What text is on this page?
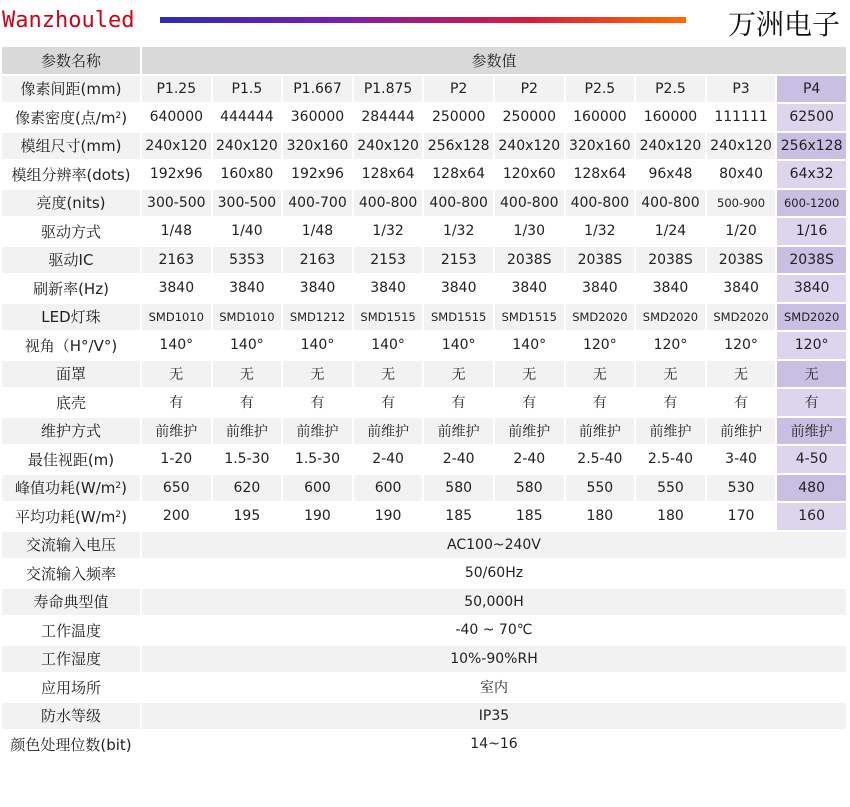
Wanzhouled	万洲电子
参数名称	参数值									
像素间距(mm)	P1.25	P1.5	P1.667	P1.875	P2	P2	P2.5	P2.5	P3	P4
像素密度(点$/m^2$)	640000	444444	360000	284444	250000	250000	160000	160000	111111	62500
模组尺寸(mm)	240x120	240x120	320x160	240x120	256x128	240x120	320x160	240x120	240x120	256x128
模组分辨率(dots)	192x96	160x80	192x96	128x64	128x64	120x60	128x64	96x48	80x40	64x32
亮度(nits)	300-500	300-500	400-700	400-800	400-800	400-800	400-800	400-800	500-900	600-1200
驱动方式	1/48	1/40	1/48	1/32	1/32	1/30	1/32	1/24	1/20	1/16
驱动IC	2163	5353	2163	2153	2153	2038S	2038S	2038S	2038S	2038S
刷新率(Hz)	3840	3840	3840	3840	3840	3840	3840	3840	3840	3840
LED灯珠	SMD1010	SMD1010	SMD1212	SMD1515	SMD1515	SMD1515	SMD2020	SMD2020	SMD2020	SMD2020
视角（H°/V°)	140°	140°	140°	140°	140°	140°	120°	120°	120°	120°
面罩	无	无	无	无	无	无	无	无	无	无
底壳	有	有	有	有	有	有	有	有	有	有
维护方式	前维护	前维护	前维护	前维护	前维护	前维护	前维护	前维护	前维护	前维护
最佳视距(m)	1-20	1.5-30	1.5-30	2-40	2-40	2-40	2.5-40	2.5-40	3-40	4-50
峰值功耗$(W/m^2)$	650	620	600	600	580	580	550	550	530	480
平均功耗$(W/m^2)$	200	195	190	190	185	185	180	180	170	160
交流输入电压	AC100~240V									
交流输入频率	50/60Hz									
寿命典型值	50,000H									
工作温度	-40 ~ 70℃									
工作湿度	10%-90%RH									
应用场所	室内									
防水等级	IP35									
颜色处理位数(bit)	14~16									
